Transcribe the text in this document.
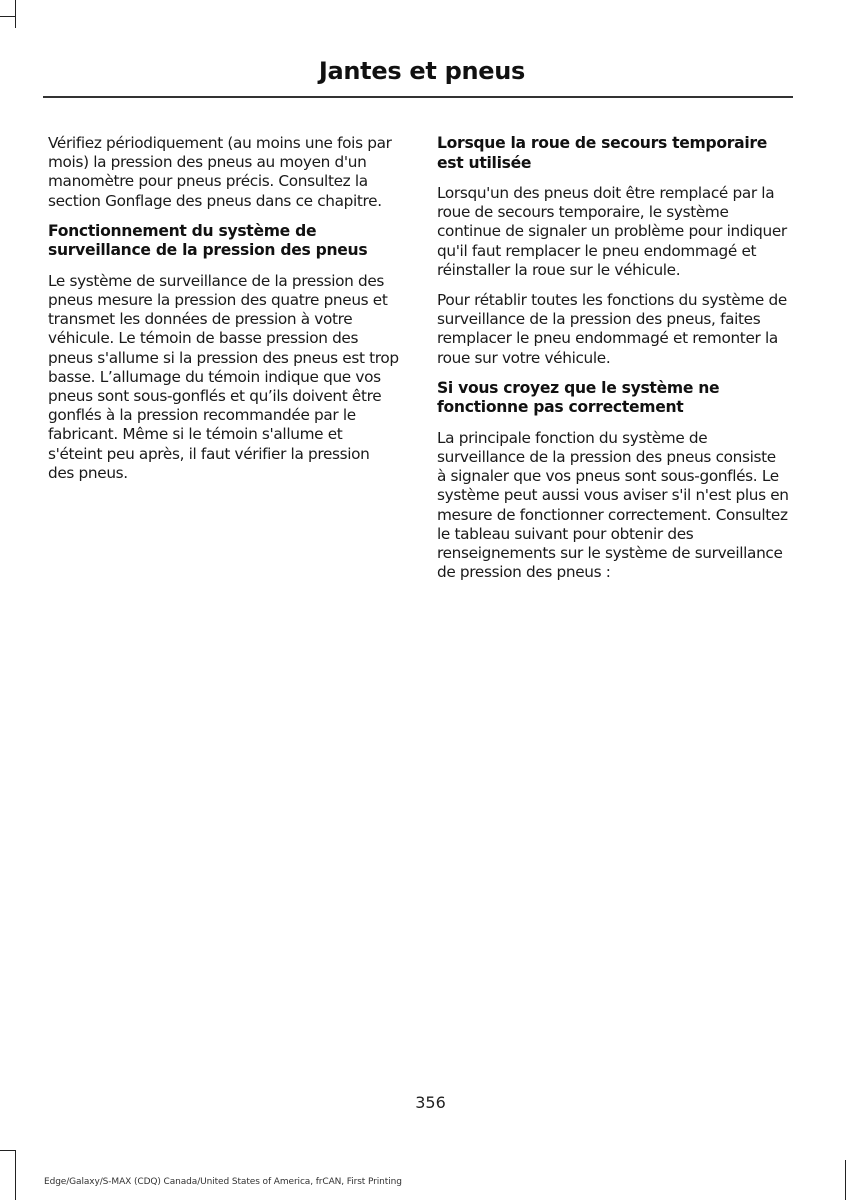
Jantes et pneus

Vérifiez périodiquement (au moins une fois par mois) la pression des pneus au moyen d'un manomètre pour pneus précis. Consultez la section Gonflage des pneus dans ce chapitre.

Fonctionnement du système de surveillance de la pression des pneus

Le système de surveillance de la pression des pneus mesure la pression des quatre pneus et transmet les données de pression à votre véhicule. Le témoin de basse pression des pneus s'allume si la pression des pneus est trop basse. L’allumage du témoin indique que vos pneus sont sous-gonflés et qu’ils doivent être gonflés à la pression recommandée par le fabricant. Même si le témoin s'allume et s'éteint peu après, il faut vérifier la pression des pneus.

Lorsque la roue de secours temporaire est utilisée

Lorsqu'un des pneus doit être remplacé par la roue de secours temporaire, le système continue de signaler un problème pour indiquer qu'il faut remplacer le pneu endommagé et réinstaller la roue sur le véhicule.

Pour rétablir toutes les fonctions du système de surveillance de la pression des pneus, faites remplacer le pneu endommagé et remonter la roue sur votre véhicule.

Si vous croyez que le système ne fonctionne pas correctement

La principale fonction du système de surveillance de la pression des pneus consiste à signaler que vos pneus sont sous-gonflés. Le système peut aussi vous aviser s'il n'est plus en mesure de fonctionner correctement. Consultez le tableau suivant pour obtenir des renseignements sur le système de surveillance de pression des pneus :

356
Edge/Galaxy/S-MAX (CDQ) Canada/United States of America, frCAN, First Printing
